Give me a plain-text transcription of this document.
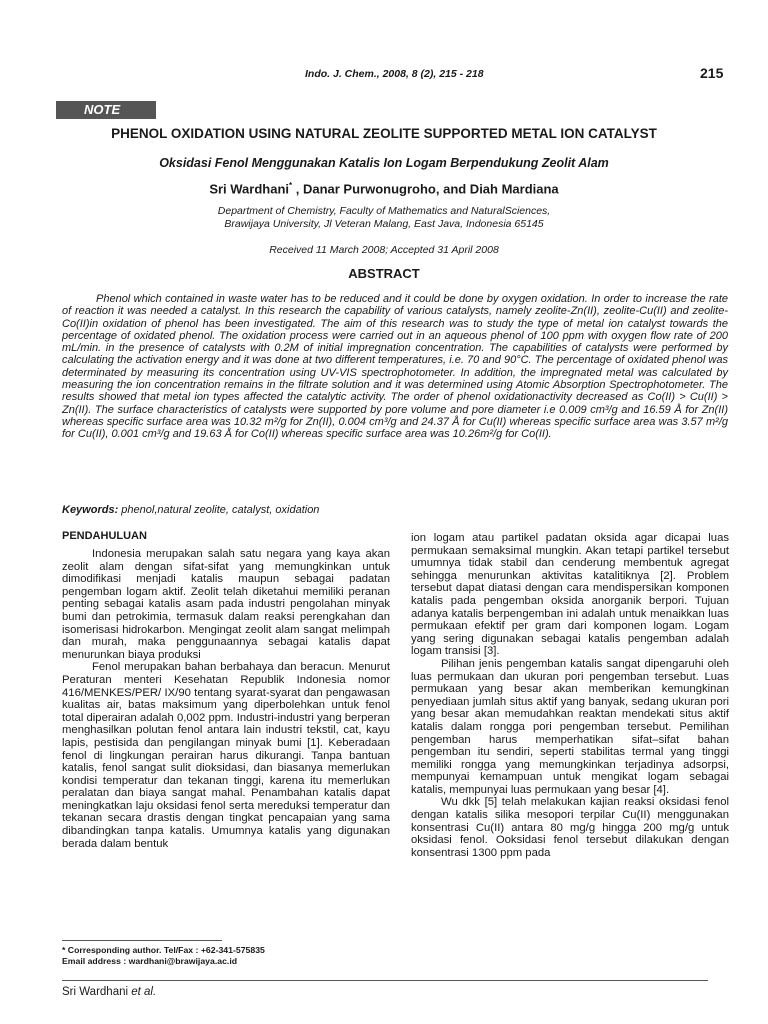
Indo. J. Chem., 2008, 8 (2), 215 - 218	215
NOTE
PHENOL OXIDATION USING NATURAL ZEOLITE SUPPORTED METAL ION CATALYST
Oksidasi Fenol Menggunakan Katalis Ion Logam Berpendukung Zeolit Alam
Sri Wardhani* , Danar Purwonugroho, and Diah Mardiana
Department of Chemistry, Faculty of Mathematics and NaturalSciences,
Brawijaya University, Jl Veteran Malang, East Java, Indonesia 65145
Received 11 March 2008; Accepted 31 April 2008
ABSTRACT
Phenol which contained in waste water has to be reduced and it could be done by oxygen oxidation. In order to increase the rate of reaction it was needed a catalyst. In this research the capability of various catalysts, namely zeolite-Zn(II), zeolite-Cu(II) and zeolite-Co(II)in oxidation of phenol has been investigated. The aim of this research was to study the type of metal ion catalyst towards the percentage of oxidated phenol. The oxidation process were carried out in an aqueous phenol of 100 ppm with oxygen flow rate of 200 mL/min. in the presence of catalysts with 0.2M of initial impregnation concentration. The capabilities of catalysts were performed by calculating the activation energy and it was done at two different temperatures, i.e. 70 and 90°C. The percentage of oxidated phenol was determinated by measuring its concentration using UV-VIS spectrophotometer. In addition, the impregnated metal was calculated by measuring the ion concentration remains in the filtrate solution and it was determined using Atomic Absorption Spectrophotometer. The results showed that metal ion types affected the catalytic activity. The order of phenol oxidationactivity decreased as Co(II) > Cu(II) > Zn(II). The surface characteristics of catalysts were supported by pore volume and pore diameter i.e 0.009 cm³/g and 16.59 Å for Zn(II) whereas specific surface area was 10.32 m²/g for Zn(II), 0.004 cm³/g and 24.37 Å for Cu(II) whereas specific surface area was 3.57 m²/g for Cu(II), 0.001 cm³/g and 19.63 Å for Co(II) whereas specific surface area was 10.26m²/g for Co(II).
Keywords: phenol,natural zeolite, catalyst, oxidation
PENDAHULUAN

Indonesia merupakan salah satu negara yang kaya akan zeolit alam dengan sifat-sifat yang memungkinkan untuk dimodifikasi menjadi katalis maupun sebagai padatan pengemban logam aktif. Zeolit telah diketahui memiliki peranan penting sebagai katalis asam pada industri pengolahan minyak bumi dan petrokimia, termasuk dalam reaksi perengkahan dan isomerisasi hidrokarbon. Mengingat zeolit alam sangat melimpah dan murah, maka penggunaannya sebagai katalis dapat menurunkan biaya produksi

Fenol merupakan bahan berbahaya dan beracun. Menurut Peraturan menteri Kesehatan Republik Indonesia nomor 416/MENKES/PER/ IX/90 tentang syarat-syarat dan pengawasan kualitas air, batas maksimum yang diperbolehkan untuk fenol total diperairan adalah 0,002 ppm. Industri-industri yang berperan menghasilkan polutan fenol antara lain industri tekstil, cat, kayu lapis, pestisida dan pengilangan minyak bumi [1]. Keberadaan fenol di lingkungan perairan harus dikurangi. Tanpa bantuan katalis, fenol sangat sulit dioksidasi, dan biasanya memerlukan kondisi temperatur dan tekanan tinggi, karena itu memerlukan peralatan dan biaya sangat mahal. Penambahan katalis dapat meningkatkan laju oksidasi fenol serta mereduksi temperatur dan tekanan secara drastis dengan tingkat pencapaian yang sama dibandingkan tanpa katalis. Umumnya katalis yang digunakan berada dalam bentuk

ion logam atau partikel padatan oksida agar dicapai luas permukaan semaksimal mungkin. Akan tetapi partikel tersebut umumnya tidak stabil dan cenderung membentuk agregat sehingga menurunkan aktivitas katalitiknya [2]. Problem tersebut dapat diatasi dengan cara mendispersikan komponen katalis pada pengemban oksida anorganik berpori. Tujuan adanya katalis berpengemban ini adalah untuk menaikkan luas permukaan efektif per gram dari komponen logam. Logam yang sering digunakan sebagai katalis pengemban adalah logam transisi [3].

Pilihan jenis pengemban katalis sangat dipengaruhi oleh luas permukaan dan ukuran pori pengemban tersebut. Luas permukaan yang besar akan memberikan kemungkinan penyediaan jumlah situs aktif yang banyak, sedang ukuran pori yang besar akan memudahkan reaktan mendekati situs aktif katalis dalam rongga pori pengemban tersebut. Pemilihan pengemban harus memperhatikan sifat–sifat bahan pengemban itu sendiri, seperti stabilitas termal yang tinggi memiliki rongga yang memungkinkan terjadinya adsorpsi, mempunyai kemampuan untuk mengikat logam sebagai katalis, mempunyai luas permukaan yang besar [4].

Wu dkk [5] telah melakukan kajian reaksi oksidasi fenol dengan katalis silika mesopori terpilar Cu(II) menggunakan konsentrasi Cu(II) antara 80 mg/g hingga 200 mg/g untuk oksidasi fenol. Ooksidasi fenol tersebut dilakukan dengan konsentrasi 1300 ppm pada

* Corresponding author. Tel/Fax : +62-341-575835
Email address : wardhani@brawijaya.ac.id
Sri Wardhani et al.
